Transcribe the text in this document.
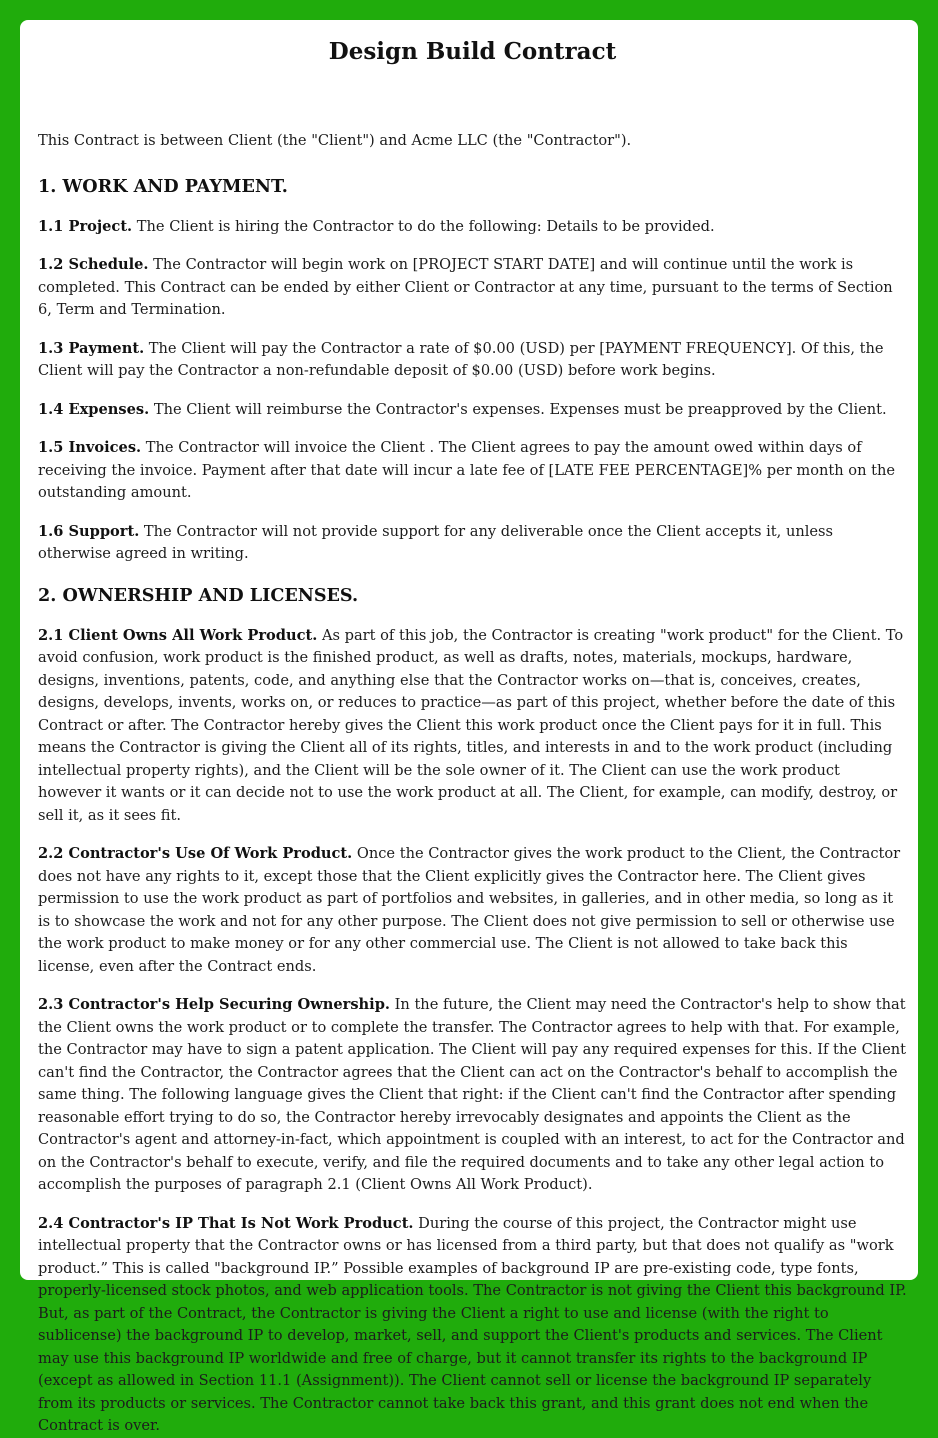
Design Build Contract

This Contract is between Client (the "Client") and Acme LLC (the "Contractor").

1. WORK AND PAYMENT.

1.1 Project. The Client is hiring the Contractor to do the following: Details to be provided.

1.2 Schedule. The Contractor will begin work on [PROJECT START DATE] and will continue until the work is completed. This Contract can be ended by either Client or Contractor at any time, pursuant to the terms of Section 6, Term and Termination.

1.3 Payment. The Client will pay the Contractor a rate of $0.00 (USD) per [PAYMENT FREQUENCY]. Of this, the Client will pay the Contractor a non-refundable deposit of $0.00 (USD) before work begins.

1.4 Expenses. The Client will reimburse the Contractor's expenses. Expenses must be preapproved by the Client.

1.5 Invoices. The Contractor will invoice the Client . The Client agrees to pay the amount owed within days of receiving the invoice. Payment after that date will incur a late fee of [LATE FEE PERCENTAGE]% per month on the outstanding amount.

1.6 Support. The Contractor will not provide support for any deliverable once the Client accepts it, unless otherwise agreed in writing.

2. OWNERSHIP AND LICENSES.

2.1 Client Owns All Work Product. As part of this job, the Contractor is creating "work product" for the Client. To avoid confusion, work product is the finished product, as well as drafts, notes, materials, mockups, hardware, designs, inventions, patents, code, and anything else that the Contractor works on—that is, conceives, creates, designs, develops, invents, works on, or reduces to practice—as part of this project, whether before the date of this Contract or after. The Contractor hereby gives the Client this work product once the Client pays for it in full. This means the Contractor is giving the Client all of its rights, titles, and interests in and to the work product (including intellectual property rights), and the Client will be the sole owner of it. The Client can use the work product however it wants or it can decide not to use the work product at all. The Client, for example, can modify, destroy, or sell it, as it sees fit.

2.2 Contractor's Use Of Work Product. Once the Contractor gives the work product to the Client, the Contractor does not have any rights to it, except those that the Client explicitly gives the Contractor here. The Client gives permission to use the work product as part of portfolios and websites, in galleries, and in other media, so long as it is to showcase the work and not for any other purpose. The Client does not give permission to sell or otherwise use the work product to make money or for any other commercial use. The Client is not allowed to take back this license, even after the Contract ends.

2.3 Contractor's Help Securing Ownership. In the future, the Client may need the Contractor's help to show that the Client owns the work product or to complete the transfer. The Contractor agrees to help with that. For example, the Contractor may have to sign a patent application. The Client will pay any required expenses for this. If the Client can't find the Contractor, the Contractor agrees that the Client can act on the Contractor's behalf to accomplish the same thing. The following language gives the Client that right: if the Client can't find the Contractor after spending reasonable effort trying to do so, the Contractor hereby irrevocably designates and appoints the Client as the Contractor's agent and attorney-in-fact, which appointment is coupled with an interest, to act for the Contractor and on the Contractor's behalf to execute, verify, and file the required documents and to take any other legal action to accomplish the purposes of paragraph 2.1 (Client Owns All Work Product).

2.4 Contractor's IP That Is Not Work Product. During the course of this project, the Contractor might use intellectual property that the Contractor owns or has licensed from a third party, but that does not qualify as "work product.” This is called "background IP.” Possible examples of background IP are pre-existing code, type fonts, properly-licensed stock photos, and web application tools. The Contractor is not giving the Client this background IP. But, as part of the Contract, the Contractor is giving the Client a right to use and license (with the right to sublicense) the background IP to develop, market, sell, and support the Client's products and services. The Client may use this background IP worldwide and free of charge, but it cannot transfer its rights to the background IP (except as allowed in Section 11.1 (Assignment)). The Client cannot sell or license the background IP separately from its products or services. The Contractor cannot take back this grant, and this grant does not end when the Contract is over.
